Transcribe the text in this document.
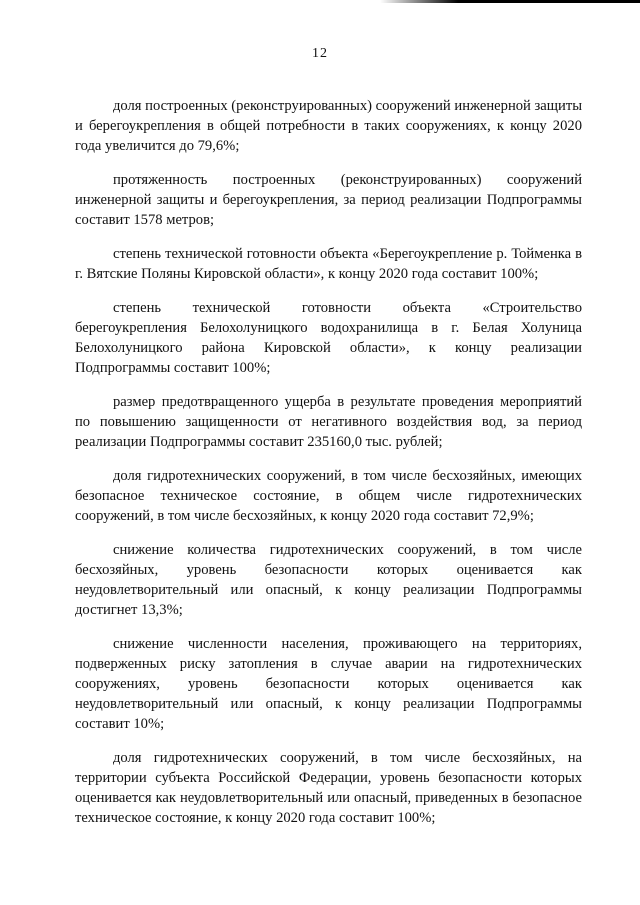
12

доля построенных (реконструированных) сооружений инженерной защиты и берегоукрепления в общей потребности в таких сооружениях, к концу 2020 года увеличится до 79,6%;

протяженность построенных (реконструированных) сооружений инженерной защиты и берегоукрепления, за период реализации Подпрограммы составит 1578 метров;

степень технической готовности объекта «Берегоукрепление р. Тойменка в г. Вятские Поляны Кировской области», к концу 2020 года составит 100%;

степень технической готовности объекта «Строительство берегоукрепления Белохолуницкого водохранилища в г. Белая Холуница Белохолуницкого района Кировской области», к концу реализации Подпрограммы составит 100%;

размер предотвращенного ущерба в результате проведения мероприятий по повышению защищенности от негативного воздействия вод, за период реализации Подпрограммы составит 235160,0 тыс. рублей;

доля гидротехнических сооружений, в том числе бесхозяйных, имеющих безопасное техническое состояние, в общем числе гидротехнических сооружений, в том числе бесхозяйных, к концу 2020 года составит 72,9%;

снижение количества гидротехнических сооружений, в том числе бесхозяйных, уровень безопасности которых оценивается как неудовлетворительный или опасный, к концу реализации Подпрограммы достигнет 13,3%;

снижение численности населения, проживающего на территориях, подверженных риску затопления в случае аварии на гидротехнических сооружениях, уровень безопасности которых оценивается как неудовлетворительный или опасный, к концу реализации Подпрограммы составит 10%;

доля гидротехнических сооружений, в том числе бесхозяйных, на территории субъекта Российской Федерации, уровень безопасности которых оценивается как неудовлетворительный или опасный, приведенных в безопасное техническое состояние, к концу 2020 года составит 100%;
